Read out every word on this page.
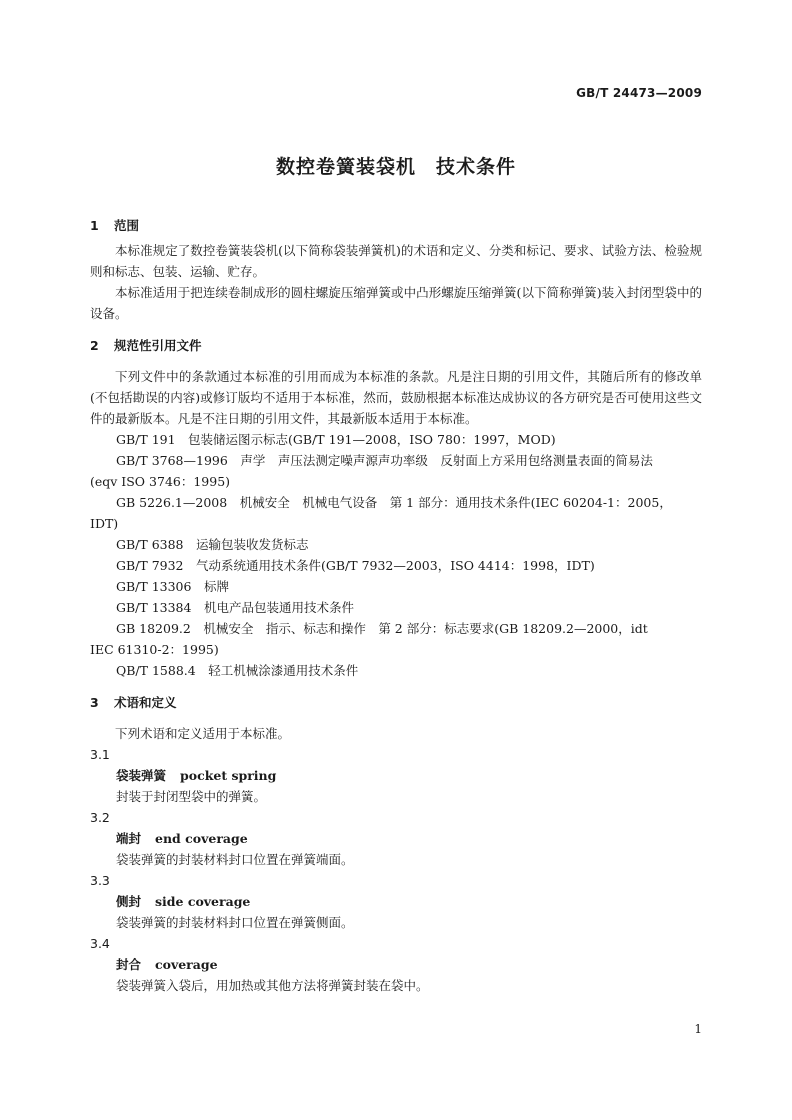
GB/T 24473—2009
数控卷簧装袋机　技术条件

1 范围

本标准规定了数控卷簧装袋机(以下简称袋装弹簧机)的术语和定义、分类和标记、要求、试验方法、检验规则和标志、包装、运输、贮存。

本标准适用于把连续卷制成形的圆柱螺旋压缩弹簧或中凸形螺旋压缩弹簧(以下简称弹簧)装入封闭型袋中的设备。

2 规范性引用文件

下列文件中的条款通过本标准的引用而成为本标准的条款。凡是注日期的引用文件，其随后所有的修改单(不包括勘误的内容)或修订版均不适用于本标准，然而，鼓励根据本标准达成协议的各方研究是否可使用这些文件的最新版本。凡是不注日期的引用文件，其最新版本适用于本标准。

GB/T 191　包装储运图示标志(GB/T 191—2008，ISO 780：1997，MOD)

GB/T 3768—1996　声学　声压法测定噪声源声功率级　反射面上方采用包络测量表面的简易法
(eqv ISO 3746：1995)

GB 5226.1—2008　机械安全　机械电气设备　第 1 部分：通用技术条件(IEC 60204-1：2005，
IDT)

GB/T 6388　运输包装收发货标志

GB/T 7932　气动系统通用技术条件(GB/T 7932—2003，ISO 4414：1998，IDT)

GB/T 13306　标牌

GB/T 13384　机电产品包装通用技术条件

GB 18209.2　机械安全　指示、标志和操作　第 2 部分：标志要求(GB 18209.2—2000，idt
IEC 61310-2：1995)

QB/T 1588.4　轻工机械涂漆通用技术条件

3 术语和定义

下列术语和定义适用于本标准。

3.1

袋装弹簧 pocket spring

封装于封闭型袋中的弹簧。

3.2

端封 end coverage

袋装弹簧的封装材料封口位置在弹簧端面。

3.3

侧封 side coverage

袋装弹簧的封装材料封口位置在弹簧侧面。

3.4

封合 coverage

袋装弹簧入袋后，用加热或其他方法将弹簧封装在袋中。

1
